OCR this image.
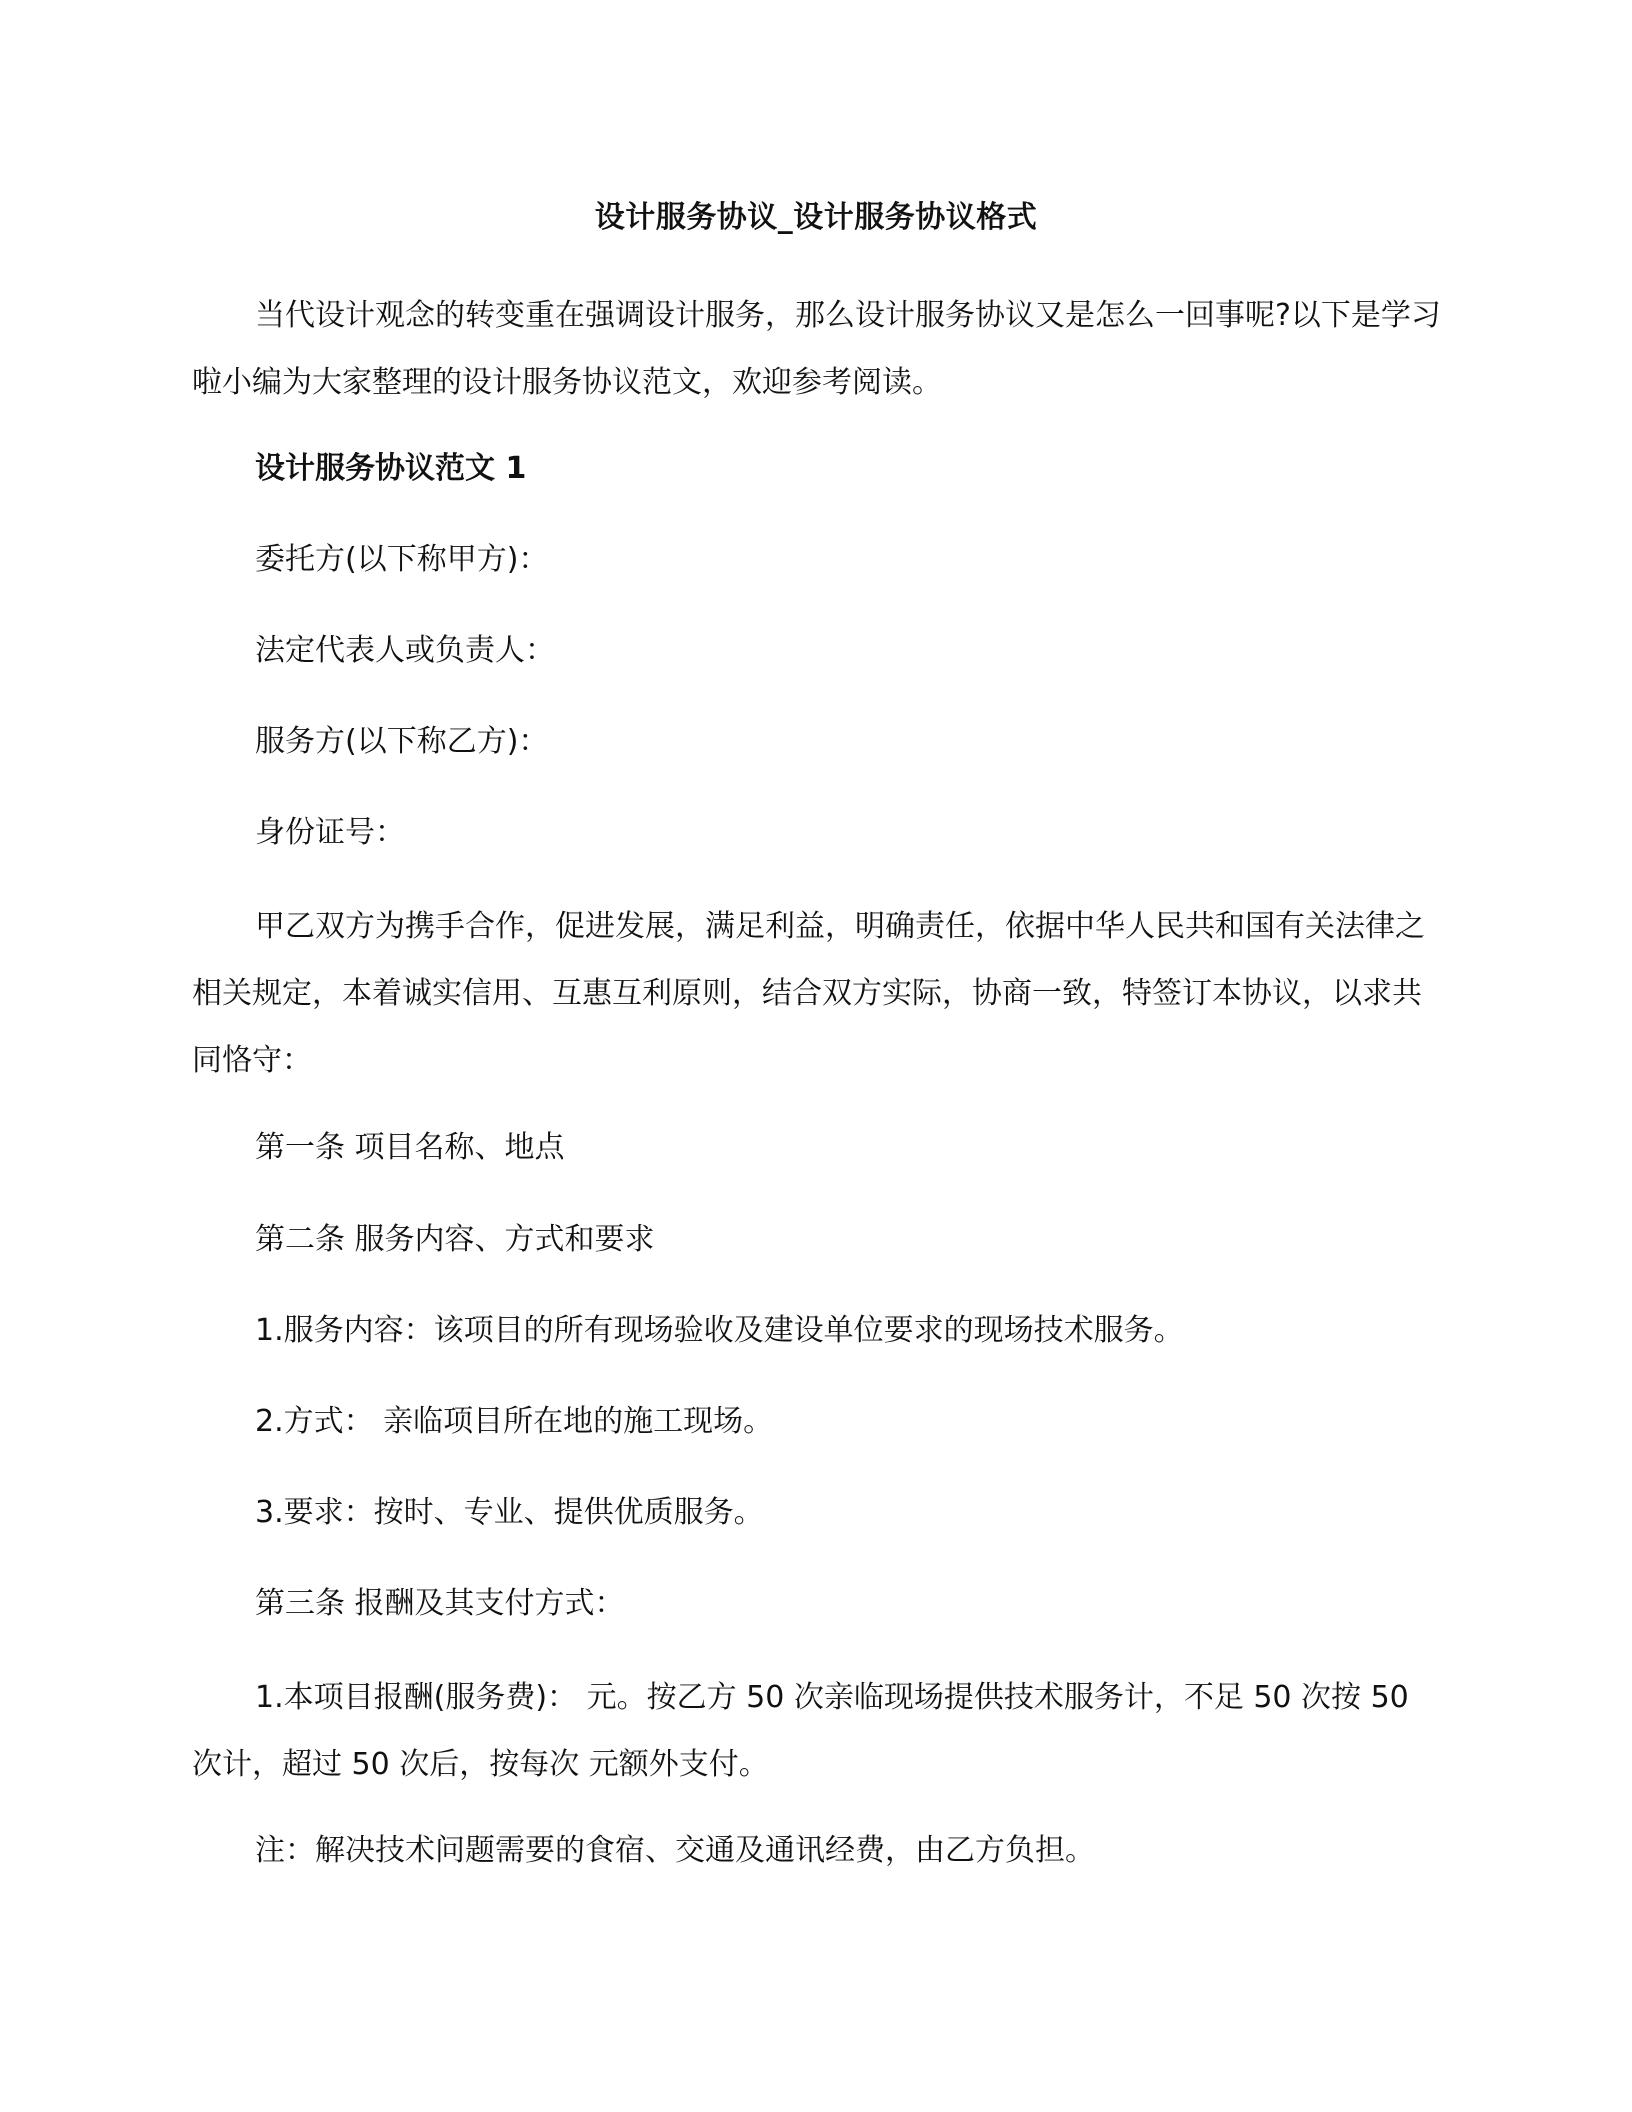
设计服务协议_设计服务协议格式

当代设计观念的转变重在强调设计服务，那么设计服务协议又是怎么一回事呢?以下是学习啦小编为大家整理的设计服务协议范文，欢迎参考阅读。

设计服务协议范文 1
委托方(以下称甲方)：
法定代表人或负责人：
服务方(以下称乙方)：
身份证号：

甲乙双方为携手合作，促进发展，满足利益，明确责任，依据中华人民共和国有关法律之相关规定，本着诚实信用、互惠互利原则，结合双方实际，协商一致，特签订本协议，以求共同恪守：

第一条 项目名称、地点
第二条 服务内容、方式和要求
1.服务内容：该项目的所有现场验收及建设单位要求的现场技术服务。
2.方式： 亲临项目所在地的施工现场。
3.要求：按时、专业、提供优质服务。
第三条 报酬及其支付方式：

1.本项目报酬(服务费)： 元。按乙方 50 次亲临现场提供技术服务计，不足 50 次按 50 次计，超过 50 次后，按每次 元额外支付。

注：解决技术问题需要的食宿、交通及通讯经费，由乙方负担。
